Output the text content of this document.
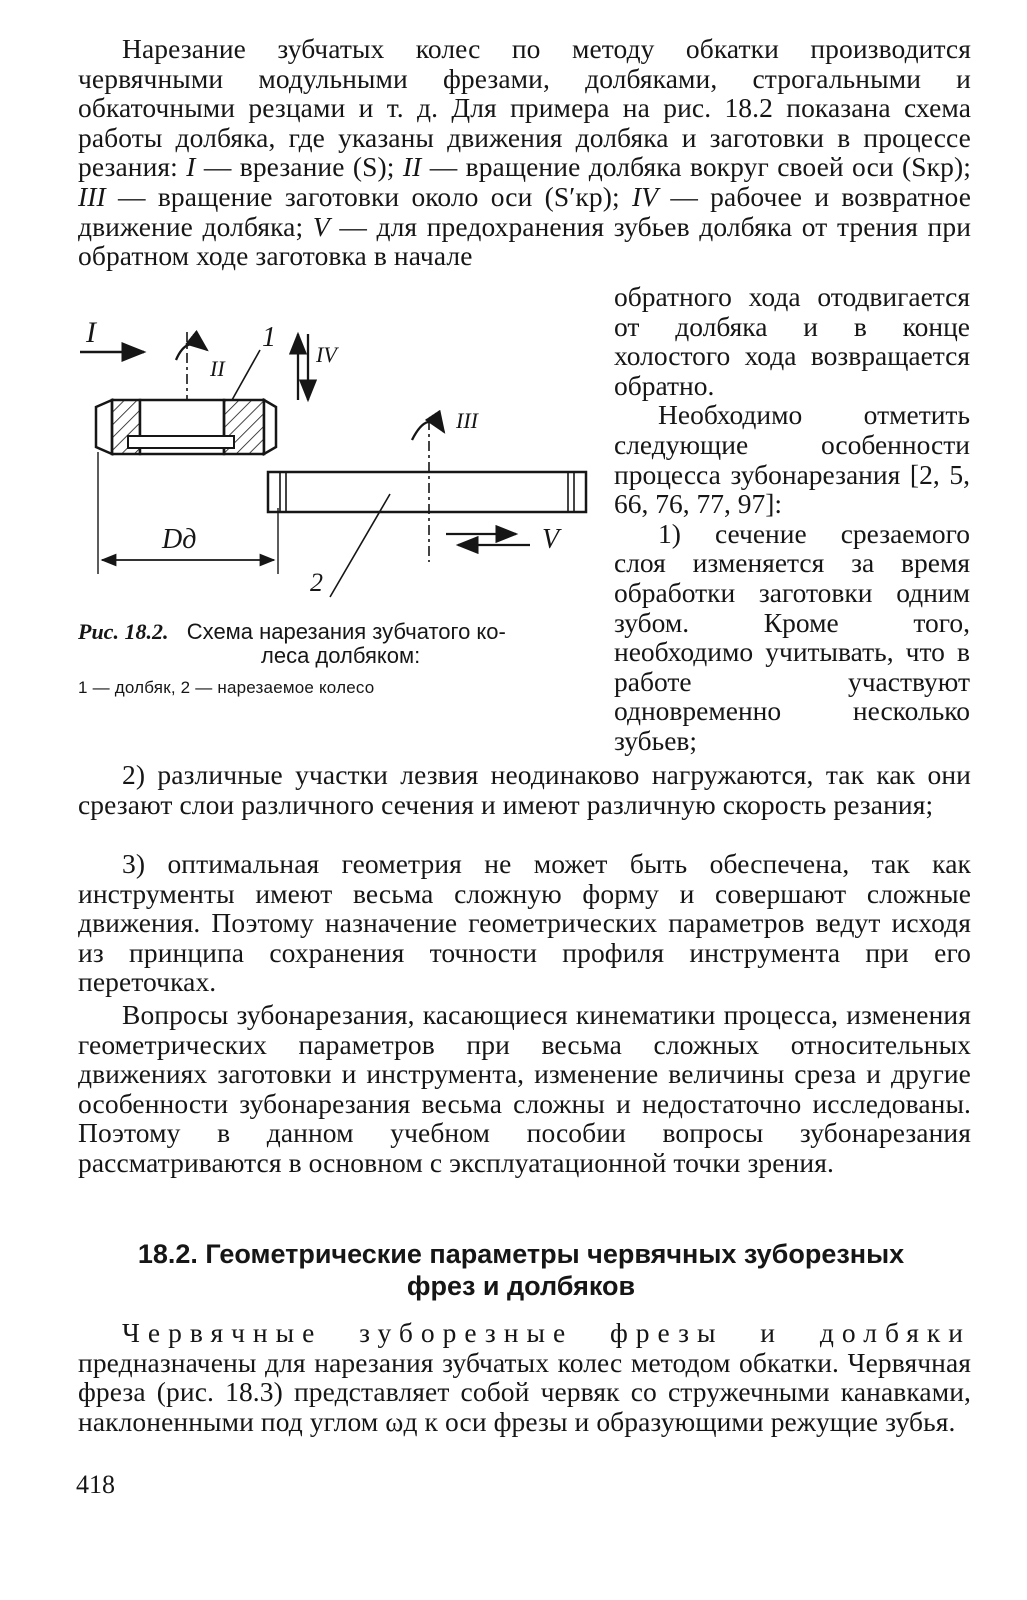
Нарезание зубчатых колес по методу обкатки производится червячными модульными фрезами, долбяками, строгальными и обкаточными резцами и т. д. Для примера на рис. 18.2 показана схема работы долбяка, где указаны движения долбяка и заготовки в процессе резания: I — врезание (S); II — вращение долбяка вокруг своей оси (Sкр); III — вращение заготовки около оси (S′кр); IV — рабочее и возвратное движение долбяка; V — для предохранения зубьев долбяка от трения при обратном ходе заготовка в начале

обратного хода отодвигается от долбяка и в конце холостого хода возвращается обратно.
Необходимо отметить следующие особенности процесса зубонарезания [2, 5, 66, 76, 77, 97]:
1) сечение срезаемого слоя изменяется за время обработки заготовки одним зубом. Кроме того, необходимо учитывать, что в работе участвуют одновременно несколько зубьев;
I
II
1
IV
III
V
Dд
2
Рис. 18.2. Схема нарезания зубчатого ко-
леса долбяком:
1 — долбяк, 2 — нарезаемое колесо

2) различные участки лезвия неодинаково нагружаются, так как они срезают слои различного сечения и имеют различную скорость резания;

3) оптимальная геометрия не может быть обеспечена, так как инструменты имеют весьма сложную форму и совершают сложные движения. Поэтому назначение геометрических параметров ведут исходя из принципа сохранения точности профиля инструмента при его переточках.

Вопросы зубонарезания, касающиеся кинематики процесса, изменения геометрических параметров при весьма сложных относительных движениях заготовки и инструмента, изменение величины среза и другие особенности зубонарезания весьма сложны и недостаточно исследованы. Поэтому в данном учебном пособии вопросы зубонарезания рассматриваются в основном с эксплуатационной точки зрения.

18.2. Геометрические параметры червячных зуборезных
фрез и долбяков

Червячные зуборезные фрезы и долбяки предназначены для нарезания зубчатых колес методом обкатки. Червячная фреза (рис. 18.3) представляет собой червяк со стружечными канавками, наклоненными под углом ωд к оси фрезы и образующими режущие зубья.

418
